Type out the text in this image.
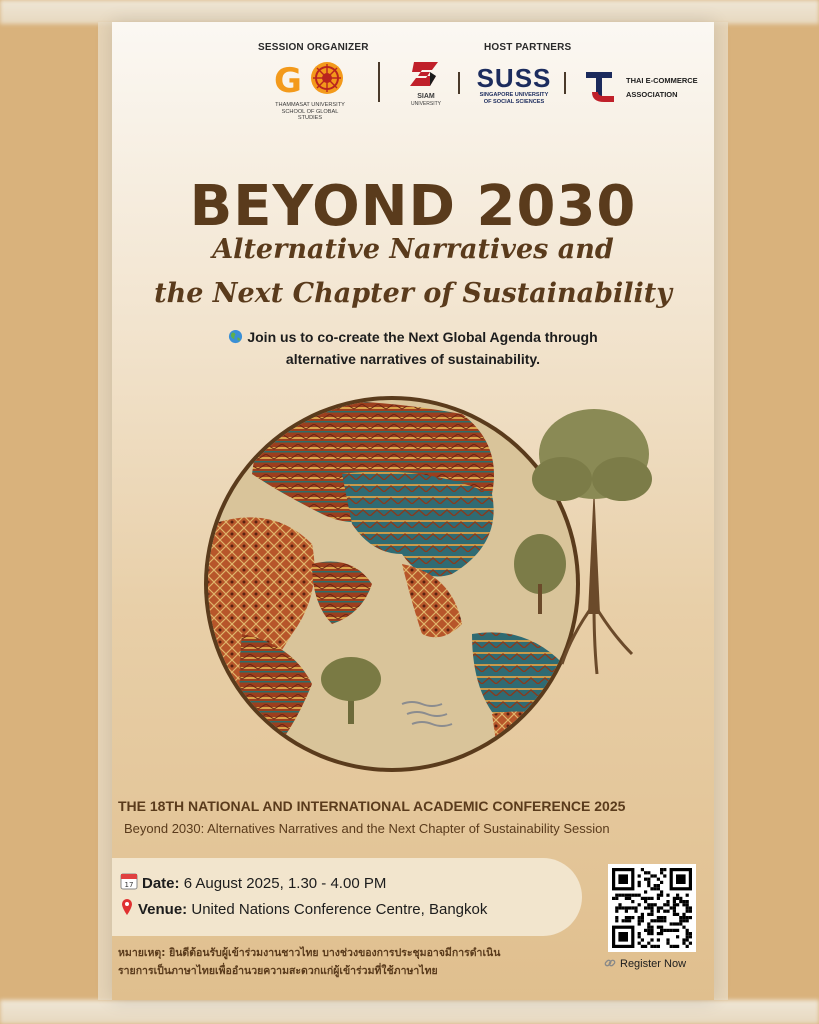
SESSION ORGANIZER	HOST PARTNERS
G
THAMMASAT UNIVERSITY
SCHOOL OF GLOBAL STUDIES
SIAM
UNIVERSITY
SUSS
SINGAPORE UNIVERSITY
OF SOCIAL SCIENCES
THAI E-COMMERCE
ASSOCIATION
BEYOND 2030
Alternative Narratives and
the Next Chapter of Sustainability
Join us to co-create the Next Global Agenda through
alternative narratives of sustainability.
THE 18TH NATIONAL AND INTERNATIONAL ACADEMIC CONFERENCE 2025
Beyond 2030: Alternatives Narratives and the Next Chapter of Sustainability Session
17 Date: 6 August 2025, 1.30 - 4.00 PM
Venue: United Nations Conference Centre, Bangkok
Register Now
หมายเหตุ: ยินดีต้อนรับผู้เข้าร่วมงานชาวไทย บางช่วงของการประชุมอาจมีการดำเนิน
รายการเป็นภาษาไทยเพื่ออำนวยความสะดวกแก่ผู้เข้าร่วมที่ใช้ภาษาไทย
